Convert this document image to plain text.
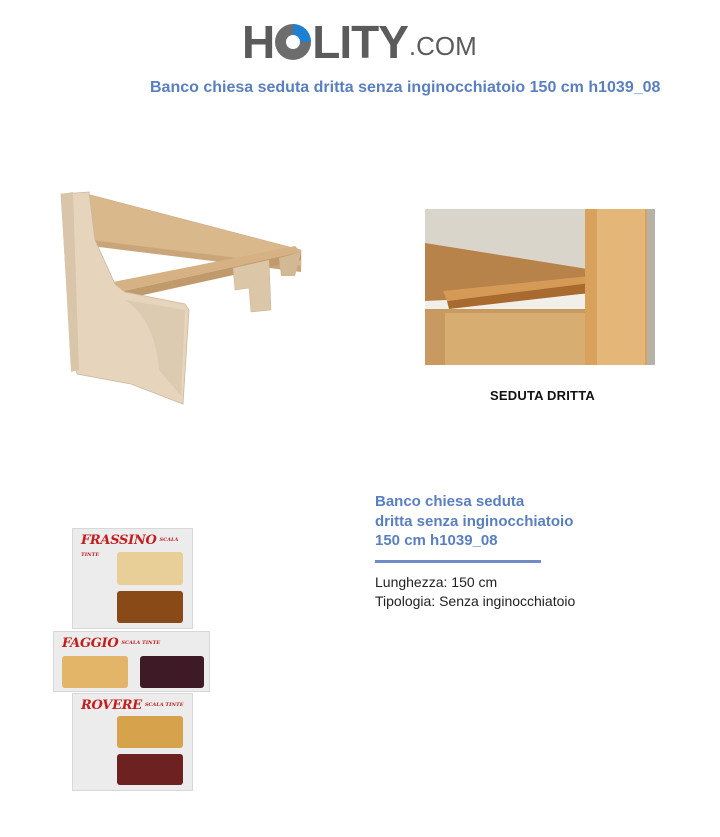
H LITY .COM
Banco chiesa seduta dritta senza inginocchiatoio 150 cm h1039_08
SEDUTA DRITTA
Banco chiesa seduta
dritta senza inginocchiatoio
150 cm h1039_08
Lunghezza: 150 cm
Tipologia: Senza inginocchiatoio
FRASSINO $^{SCALA TINTE}$
FAGGIO $^{SCALA TINTE}$
ROVERE $^{SCALA TINTE}$
